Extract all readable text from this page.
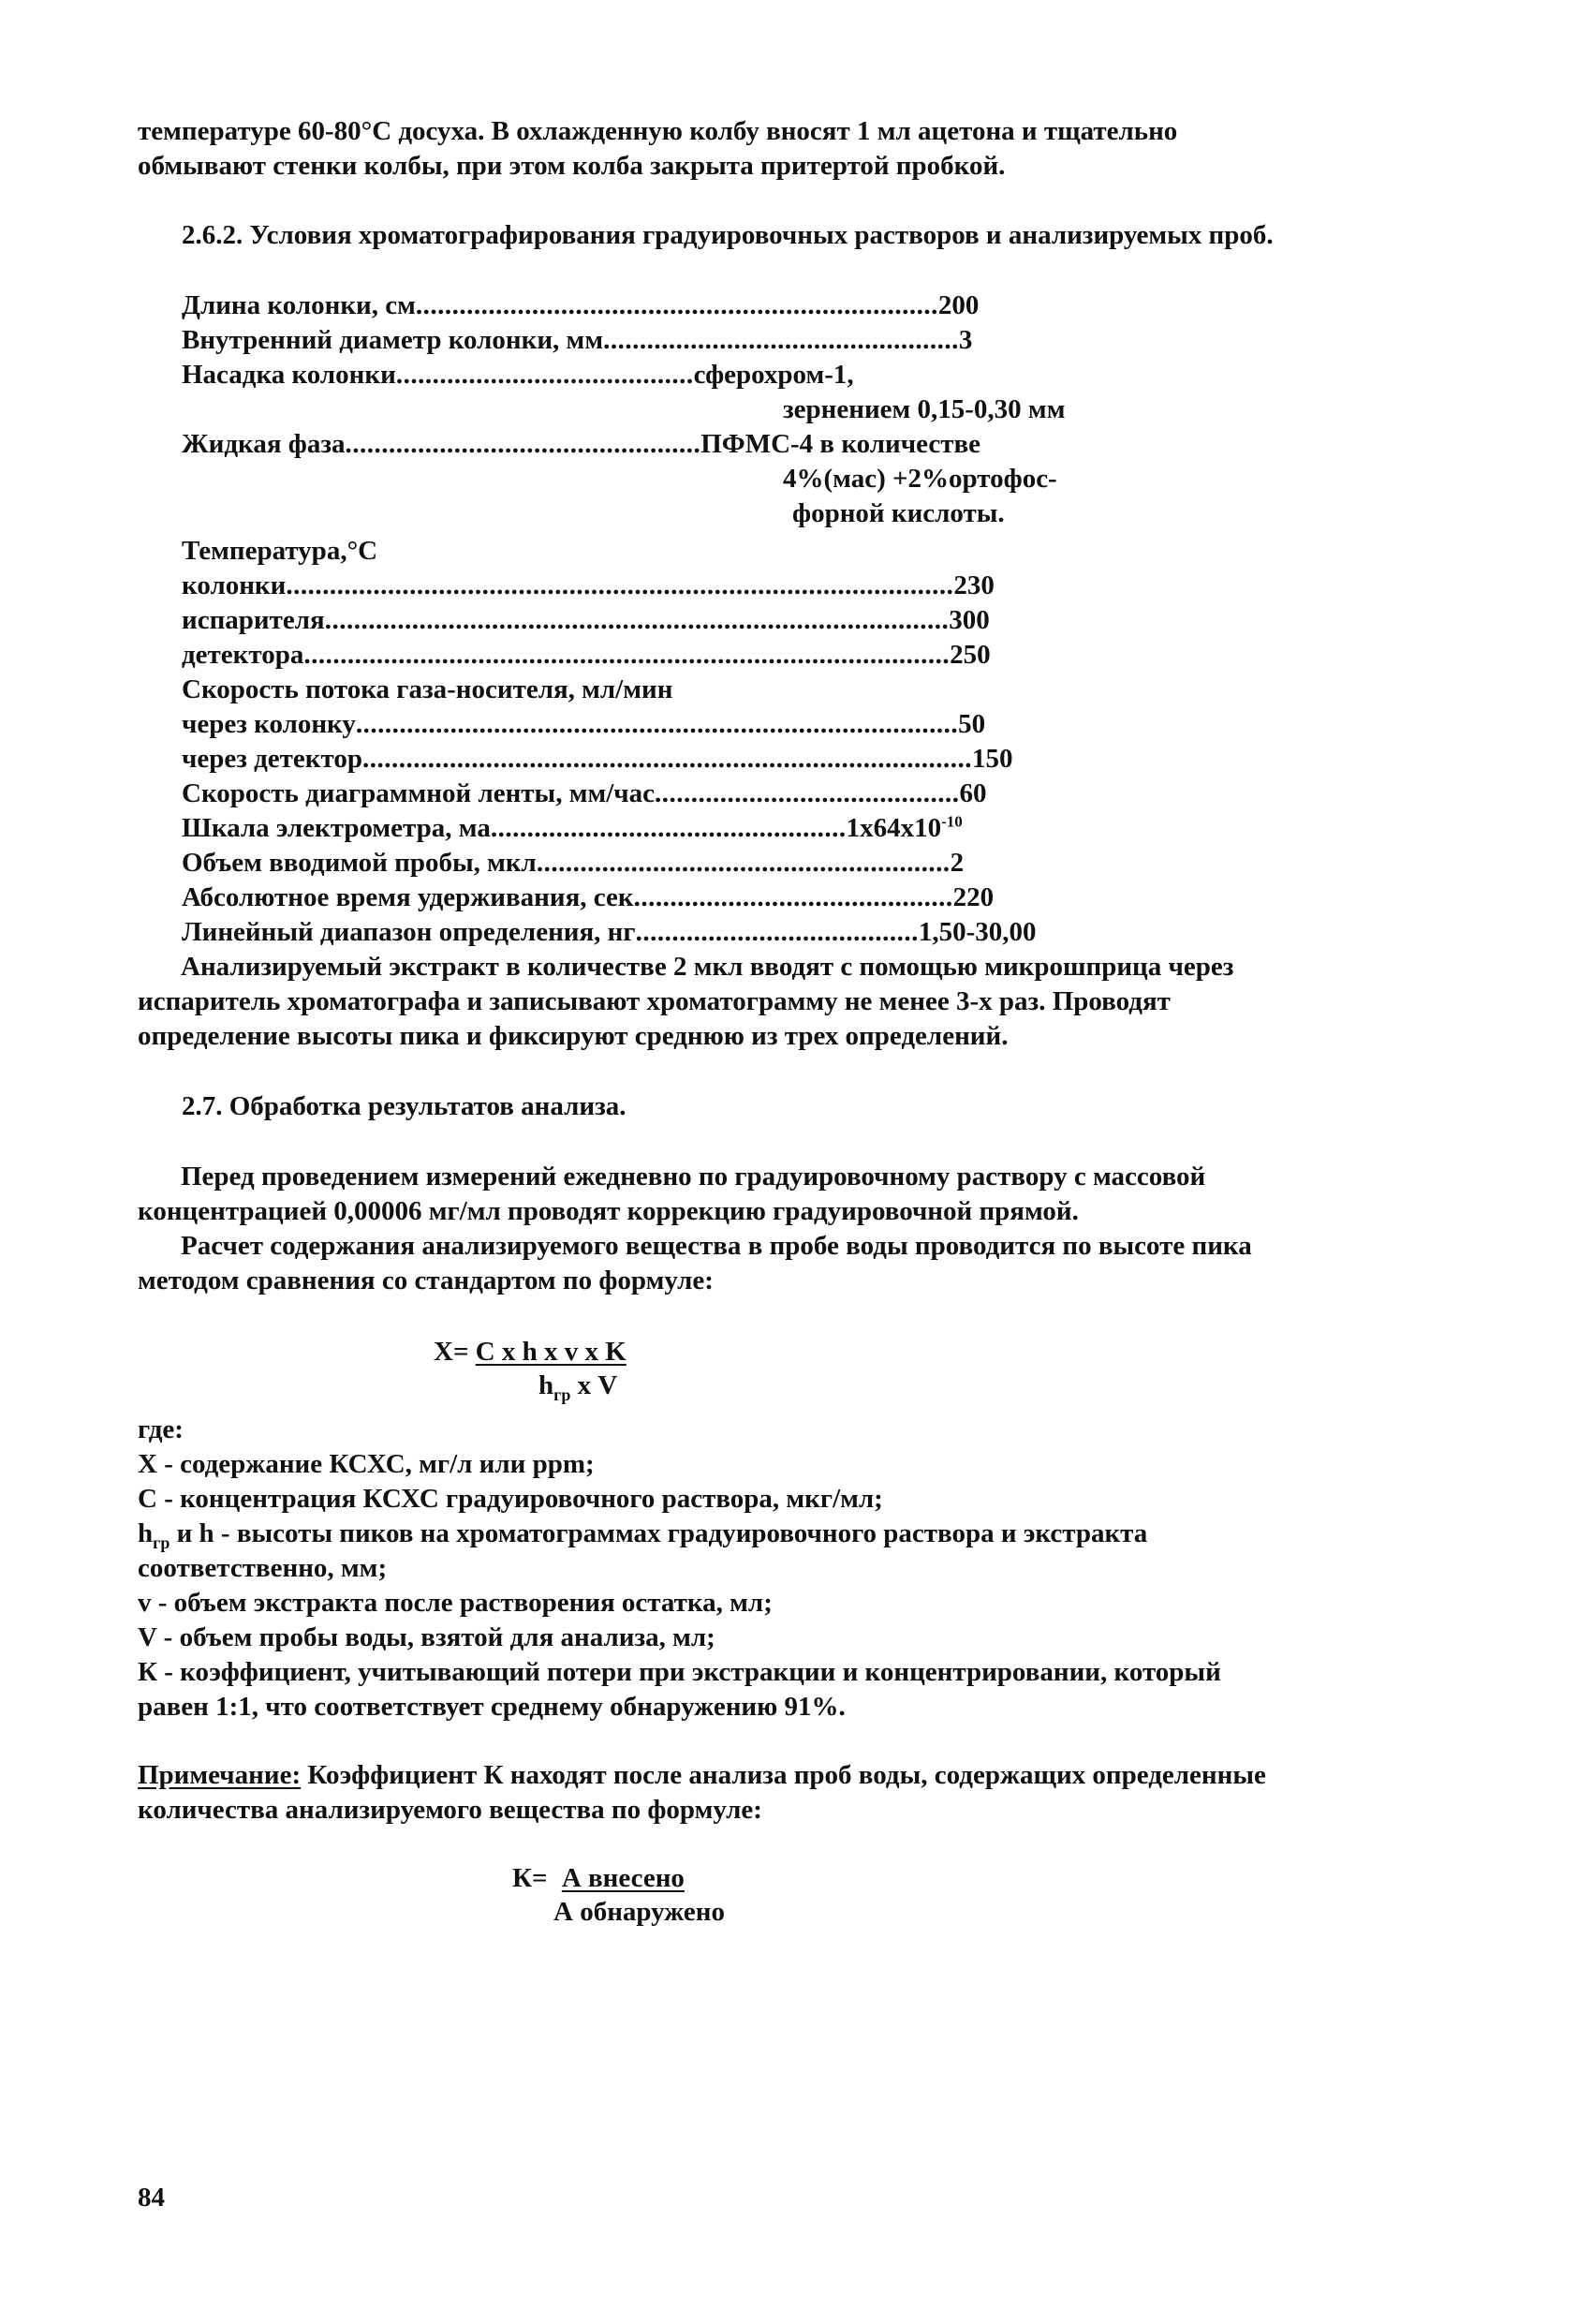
температуре 60-80°С досуха. В охлажденную колбу вносят 1 мл ацетона и тщательно
обмывают стенки колбы, при этом колба закрыта притертой пробкой.
2.6.2. Условия хроматографирования градуировочных растворов и анализируемых проб.
Длина колонки, см........................................................................200
Внутренний диаметр колонки, мм.................................................3
Насадка колонки.........................................сферохром-1,
зернением 0,15-0,30 мм
Жидкая фаза.................................................ПФМС-4 в количестве
4%(мас) +2%ортофос-
форной кислоты.
Температура,°С
колонки............................................................................................230
испарителя......................................................................................300
детектора.........................................................................................250
Скорость потока газа-носителя, мл/мин
через колонку...................................................................................50
через детектор....................................................................................150
Скорость диаграммной ленты, мм/час..........................................60
Шкала электрометра, $ма.................................................1х64х10^{-10}$
Объем вводимой пробы, мкл.........................................................2
Абсолютное время удерживания, сек............................................220
Линейный диапазон определения, нг.......................................1,50-30,00
Анализируемый экстракт в количестве 2 мкл вводят с помощью микрошприца через
испаритель хроматографа и записывают хроматограмму не менее 3-х раз. Проводят
определение высоты пика и фиксируют среднюю из трех определений.
2.7. Обработка результатов анализа.
Перед проведением измерений ежедневно по градуировочному раствору с массовой
концентрацией 0,00006 мг/мл проводят коррекцию градуировочной прямой.
Расчет содержания анализируемого вещества в пробе воды проводится по высоте пика
методом сравнения со стандартом по формуле:
Х= C x h x v x K
$h_{гр}$ х V
где:
X - содержание КСХС, мг/л или ppm;
С - концентрация КСХС градуировочного раствора, мкг/мл;
$h_{гр}$ и h - высоты пиков на хроматограммах градуировочного раствора и экстракта
соответственно, мм;
v - объем экстракта после растворения остатка, мл;
V - объем пробы воды, взятой для анализа, мл;
К - коэффициент, учитывающий потери при экстракции и концентрировании, который
равен 1:1, что соответствует среднему обнаружению 91%.
Примечание: Коэффициент К находят после анализа проб воды, содержащих определенные
количества анализируемого вещества по формуле:
К= А внесено
А обнаружено
84
